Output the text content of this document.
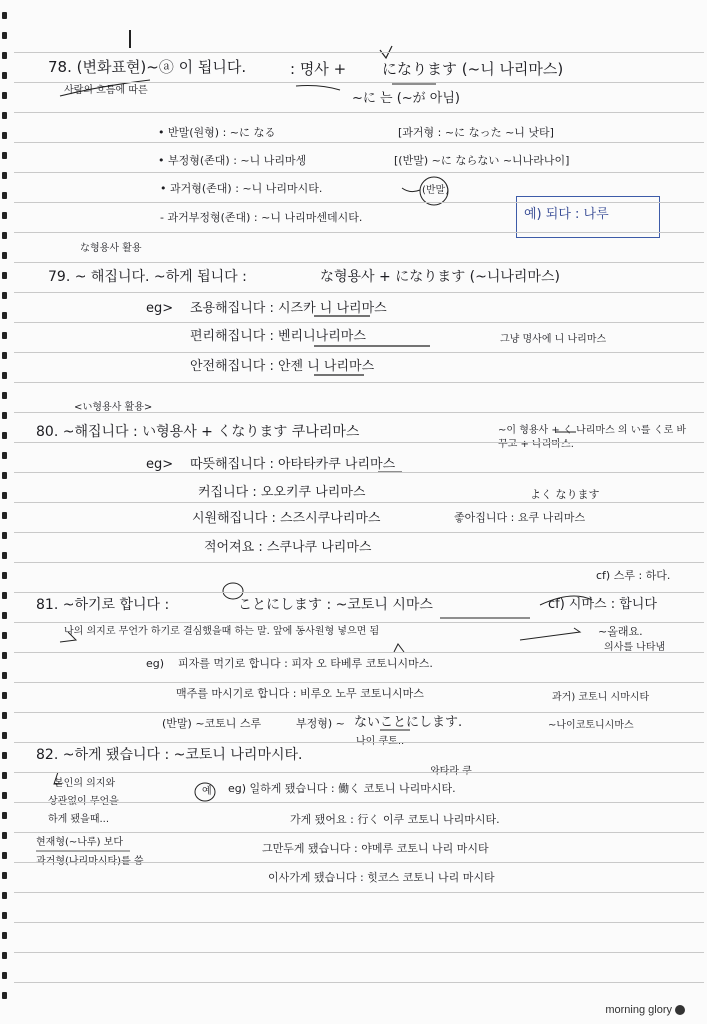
78. (변화표현)~ⓐ 이 됩니다.	: 명사 + になります (~니 나리마스)
사람의 흐름에 따른
~に 는 (~が 아님)
• 반말(원형) : ~に なる	[과거형 : ~に なった ~니 낫타]
• 부정형(존대) : ~니 나리마셍	[(반말) ~に ならない ~니나라나이]
• 과거형(존대) : ~니 나리마시타.	(반말)
- 과거부정형(존대) : ~니 나리마센데시타.	예) 되다 : 나루
な형용사 활용
79. ~ 해집니다. ~하게 됩니다 :	な형용사 + になります (~니나리마스)
eg> 조용해집니다 : 시즈카 니 나리마스
편리해집니다 : 벤리니나리마스	그냥 명사에 니 나리마스
안전해집니다 : 안젠 니 나리마스
<い형용사 활용>
80. ~해집니다 : い형용사 + くなります 쿠나리마스	~이 형용사 + く 나리마스 의 い를 く로 바꾸고 + 나리마스.
eg> 따뜻해집니다 : 아타타카쿠 나리마스
커집니다 : 오오키쿠 나리마스	よく なります
시원해집니다 : 스즈시쿠나리마스	좋아집니다 : 요쿠 나리마스
적어져요 : 스쿠나쿠 나리마스
cf) 스루 : 하다.
81. ~하기로 합니다 :	ことにします : ~코토니 시마스	cf) 시마스 : 합니다
나의 의지로 무언가 하기로 결심했을때 하는 말. 앞에 동사원형 넣으면 됨	~올래요.
의사를 나타냄
eg) 피자를 먹기로 합니다 : 피자 오 타베루 코토니시마스.
맥주를 마시기로 합니다 : 비루오 노무 코토니시마스	과거) 코토니 시마시타
(반말) ~코토니 스루	부정형) ~ ないことにします.	~나이코토니시마스
나이 쿠토..
82. ~하게 됐습니다 : ~코토니 나리마시타.
본인의 의지와
상관없이 무언을
하게 됐을때...
현재형(~나루) 보다
과거형(나리마시타)를 씀
예
와타라 쿠
eg) 일하게 됐습니다 : 働く 코토니 나리마시타.
가게 됐어요 : 行く 이쿠 코토니 나리마시타.
그만두게 됐습니다 : 야메루 코토니 나리 마시타
이사가게 됐습니다 : 힛코스 코토니 나리 마시타
morning glory
